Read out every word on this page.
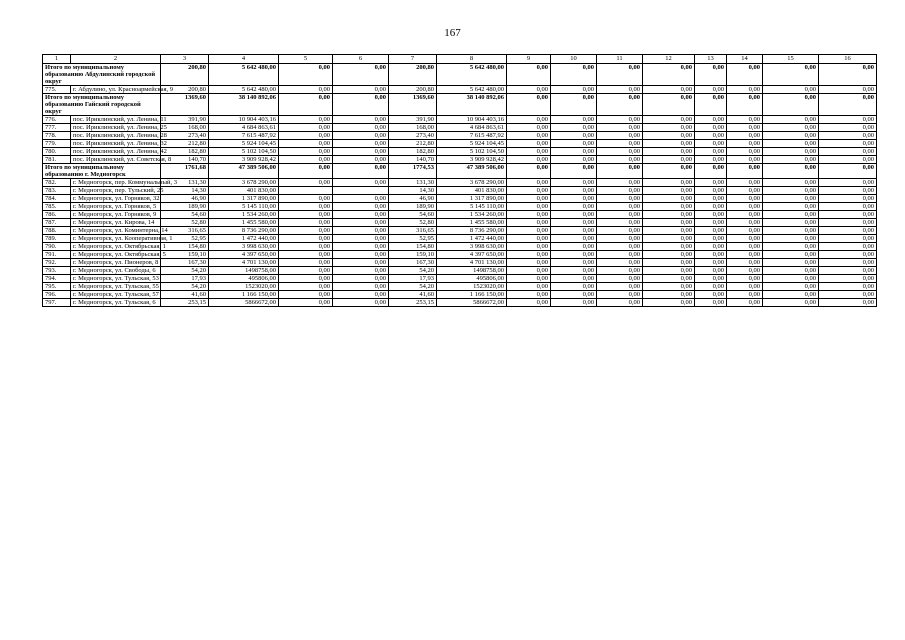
167
1	2	3	4	5	6	7	8	9	10	11	12	13	14	15	16
Итого по муниципальному образованию Абдулинский городской округ		200,80	5 642 480,00	0,00	0,00	200,80	5 642 480,00	0,00	0,00	0,00	0,00	0,00	0,00	0,00	0,00
775.	г. Абдулино, ул. Красноармейская, 9	200,80	5 642 480,00	0,00	0,00	200,80	5 642 480,00	0,00	0,00	0,00	0,00	0,00	0,00	0,00	0,00
Итого по муниципальному образованию Гайский городской округ		1369,60	38 140 892,06	0,00	0,00	1369,60	38 140 892,06	0,00	0,00	0,00	0,00	0,00	0,00	0,00	0,00
776.	пос. Ириклинский, ул. Ленина, 11	391,90	10 904 403,16	0,00	0,00	391,90	10 904 403,16	0,00	0,00	0,00	0,00	0,00	0,00	0,00	0,00
777.	пос. Ириклинский, ул. Ленина, 25	168,00	4 684 863,61	0,00	0,00	168,00	4 684 863,61	0,00	0,00	0,00	0,00	0,00	0,00	0,00	0,00
778.	пос. Ириклинский, ул. Ленина, 28	273,40	7 615 487,92	0,00	0,00	273,40	7 615 487,92	0,00	0,00	0,00	0,00	0,00	0,00	0,00	0,00
779.	пос. Ириклинский, ул. Ленина, 32	212,80	5 924 104,45	0,00	0,00	212,80	5 924 104,45	0,00	0,00	0,00	0,00	0,00	0,00	0,00	0,00
780.	пос. Ириклинский, ул. Ленина, 42	182,80	5 102 104,50	0,00	0,00	182,80	5 102 104,50	0,00	0,00	0,00	0,00	0,00	0,00	0,00	0,00
781.	пос. Ириклинский, ул. Советская, 8	140,70	3 909 928,42	0,00	0,00	140,70	3 909 928,42	0,00	0,00	0,00	0,00	0,00	0,00	0,00	0,00
Итого по муниципальному образованию г. Медногорск		1761,68	47 389 506,00	0,00	0,00	1774,53	47 389 506,00	0,00	0,00	0,00	0,00	0,00	0,00	0,00	0,00
782.	г. Медногорск, пер. Коммунальный, 3	131,30	3 678 290,00	0,00	0,00	131,30	3 678 290,00	0,00	0,00	0,00	0,00	0,00	0,00	0,00	0,00
783.	г. Медногорск, пер. Тульский, 25	14,30	401 830,00			14,30	401 830,00	0,00	0,00	0,00	0,00	0,00	0,00	0,00	0,00
784.	г. Медногорск, ул. Горняков, 32	46,90	1 317 890,00	0,00	0,00	46,90	1 317 890,00	0,00	0,00	0,00	0,00	0,00	0,00	0,00	0,00
785.	г. Медногорск, ул. Горняков, 5	189,90	5 145 110,00	0,00	0,00	189,90	5 145 110,00	0,00	0,00	0,00	0,00	0,00	0,00	0,00	0,00
786.	г. Медногорск, ул. Горняков, 9	54,60	1 534 260,00	0,00	0,00	54,60	1 534 260,00	0,00	0,00	0,00	0,00	0,00	0,00	0,00	0,00
787.	г. Медногорск, ул. Кирова, 14	52,80	1 455 580,00	0,00	0,00	52,80	1 455 580,00	0,00	0,00	0,00	0,00	0,00	0,00	0,00	0,00
788.	г. Медногорск, ул. Коминтерна, 14	316,65	8 736 290,00	0,00	0,00	316,65	8 736 290,00	0,00	0,00	0,00	0,00	0,00	0,00	0,00	0,00
789.	г. Медногорск, ул. Кооперативная, 1	52,95	1 472 440,00	0,00	0,00	52,95	1 472 440,00	0,00	0,00	0,00	0,00	0,00	0,00	0,00	0,00
790.	г. Медногорск, ул. Октябрьская, 1	154,80	3 998 630,00	0,00	0,00	154,80	3 998 630,00	0,00	0,00	0,00	0,00	0,00	0,00	0,00	0,00
791.	г. Медногорск, ул. Октябрьская, 5	159,10	4 397 650,00	0,00	0,00	159,10	4 397 650,00	0,00	0,00	0,00	0,00	0,00	0,00	0,00	0,00
792.	г. Медногорск, ул. Пионеров, 8	167,30	4 701 130,00	0,00	0,00	167,30	4 701 130,00	0,00	0,00	0,00	0,00	0,00	0,00	0,00	0,00
793.	г. Медногорск, ул. Свободы, 6	54,20	1498758,00	0,00	0,00	54,20	1498758,00	0,00	0,00	0,00	0,00	0,00	0,00	0,00	0,00
794.	г. Медногорск, ул. Тульская, 53	17,93	495806,00	0,00	0,00	17,93	495806,00	0,00	0,00	0,00	0,00	0,00	0,00	0,00	0,00
795.	г. Медногорск, ул. Тульская, 55	54,20	1523020,00	0,00	0,00	54,20	1523020,00	0,00	0,00	0,00	0,00	0,00	0,00	0,00	0,00
796.	г. Медногорск, ул. Тульская, 57	41,60	1 166 150,00	0,00	0,00	41,60	1 166 150,00	0,00	0,00	0,00	0,00	0,00	0,00	0,00	0,00
797.	г. Медногорск, ул. Тульская, 6	253,15	5866672,00	0,00	0,00	253,15	5866672,00	0,00	0,00	0,00	0,00	0,00	0,00	0,00	0,00
